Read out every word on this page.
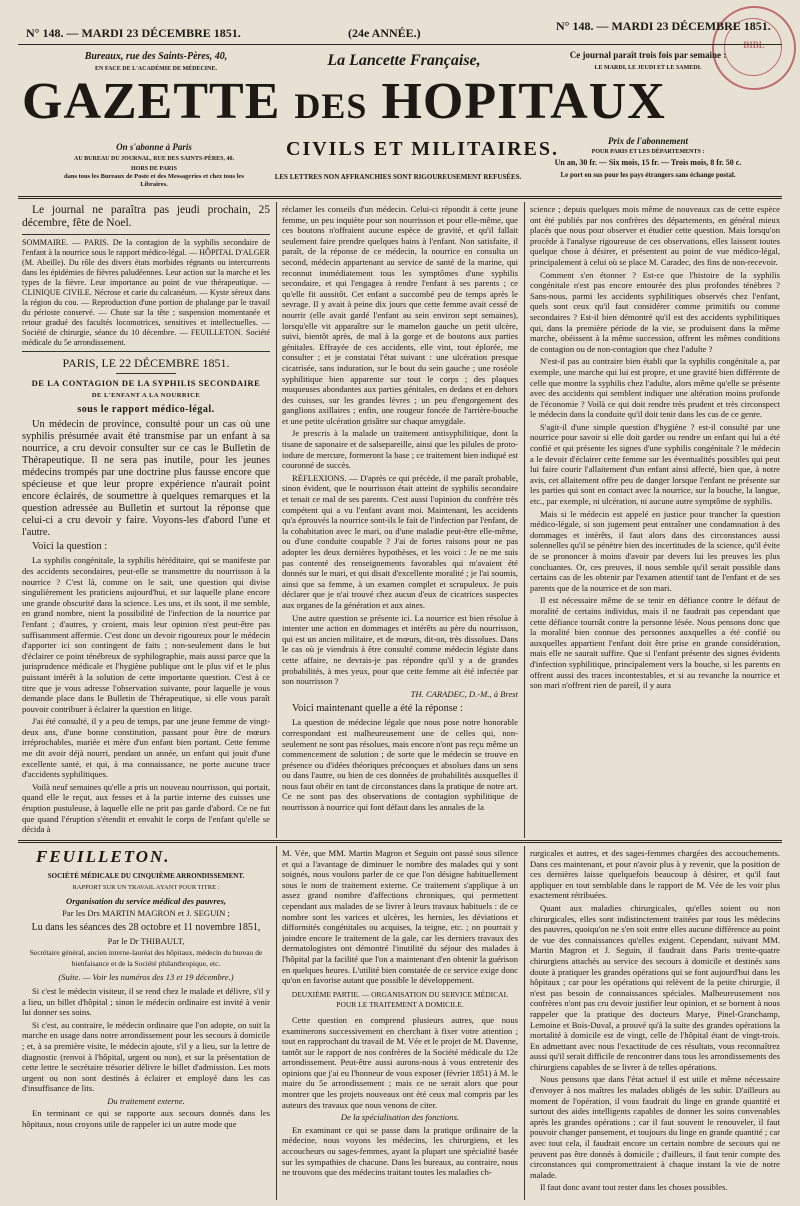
BIBL
N° 148. — MARDI 23 DÉCEMBRE 1851.	(24e ANNÉE.)	N° 148. — MARDI 23 DÉCEMBRE 1851.
Bureaux, rue des Saints-Pères, 40,
EN FACE DE L'ACADÉMIE DE MÉDECINE.	La Lancette Française,	Ce journal paraît trois fois par semaine :
LE MARDI, LE JEUDI ET LE SAMEDI.
GAZETTE DES HOPITAUX
CIVILS ET MILITAIRES.
On s'abonne à Paris
AU BUREAU DU JOURNAL, RUE DES SAINTS-PÈRES, 40.
HORS DE PARIS
dans tous les Bureaux de Poste et des Messageries et chez tous les Libraires.
LES LETTRES NON AFFRANCHIES SONT RIGOUREUSEMENT REFUSÉES.
Prix de l'abonnement
POUR PARIS ET LES DÉPARTEMENTS :
Un an, 30 fr. — Six mois, 15 fr. — Trois mois, 8 fr. 50 c.
Le port en sus pour les pays étrangers sans échange postal.
Le journal ne paraîtra pas jeudi prochain, 25 décembre, fête de Noel.
SOMMAIRE. — PARIS. De la contagion de la syphilis secondaire de l'enfant à la nourrice sous le rapport médico-légal. — HÔPITAL D'ALGER (M. Abeille). Du rôle des divers états morbides régnants ou intercurrents dans les épidémies de fièvres paludéennes. Leur action sur la marche et les types de la fièvre. Leur importance au point de vue thérapeutique. — CLINIQUE CIVILE. Nécrose et carie du calcanéum. — Kyste séreux dans la région du cou. — Reproduction d'une portion de phalange par le travail du périoste conservé. — Chute sur la tête ; suspension momentanée et retour gradué des facultés locomotrices, sensitives et intellectuelles. — Société de chirurgie, séance du 10 décembre. — FEUILLETON. Société médicale du 5e arrondissement.
PARIS, LE 22 DÉCEMBRE 1851.
DE LA CONTAGION DE LA SYPHILIS SECONDAIRE
DE L'ENFANT A LA NOURRICE
sous le rapport médico-légal.

Un médecin de province, consulté pour un cas où une syphilis présumée avait été transmise par un enfant à sa nourrice, a cru devoir consulter sur ce cas le Bulletin de Thérapeutique. Il ne sera pas inutile, pour les jeunes médecins trompés par une doctrine plus fausse encore que spécieuse et que leur propre expérience n'aurait point encore éclairés, de soumettre à quelques remarques et la question adressée au Bulletin et surtout la réponse que celui-ci a cru devoir y faire. Voyons-les d'abord l'une et l'autre.

Voici la question :

La syphilis congénitale, la syphilis héréditaire, qui se manifeste par des accidents secondaires, peut-elle se transmettre du nourrisson à la nourrice ? C'est là, comme on le sait, une question qui divise singulièrement les praticiens aujourd'hui, et sur laquelle plane encore une grande obscurité dans la science. Les uns, et ils sont, il me semble, en grand nombre, nient la possibilité de l'infection de la nourrice par l'enfant ; d'autres, y croient, mais leur opinion n'est peut-être pas suffisamment affermie. C'est donc un devoir rigoureux pour le médecin d'apporter ici son contingent de faits ; non-seulement dans le but d'éclairer ce point ténébreux de syphilographie, mais aussi parce que la jurisprudence médicale et l'hygiène publique ont le plus vif et le plus puissant intérêt à la solution de cette importante question. C'est à ce titre que je vous adresse l'observation suivante, pour laquelle je vous demande place dans le Bulletin de Thérapeutique, si elle vous paraît pouvoir contribuer à éclairer la question en litige.

J'ai été consulté, il y a peu de temps, par une jeune femme de vingt-deux ans, d'une bonne constitution, passant pour être de mœurs irréprochables, mariée et mère d'un enfant bien portant. Cette femme me dit avoir déjà nourri, pendant un année, un enfant qui jouit d'une excellente santé, et qui, à ma connaissance, ne porte aucune trace d'accidents syphilitiques.

Voilà neuf semaines qu'elle a pris un nouveau nourrisson, qui portait, quand elle le reçut, aux fesses et à la partie interne des cuisses une éruption pustuleuse, à laquelle elle ne prit pas garde d'abord. Ce ne fut que quand l'éruption s'étendit et envahit le corps de l'enfant qu'elle se décida à

réclamer les conseils d'un médecin. Celui-ci répondit à cette jeune femme, un peu inquiète pour son nourrisson et pour elle-même, que ces boutons n'offraient aucune espèce de gravité, et qu'il fallait seulement faire prendre quelques bains à l'enfant. Non satisfaite, il paraît, de la réponse de ce médecin, la nourrice en consulta un second, médecin appartenant au service de santé de la marine, qui reconnut immédiatement tous les symptômes d'une syphilis secondaire, et qui l'engagea à rendre l'enfant à ses parents ; ce qu'elle fit aussitôt. Cet enfant a succombé peu de temps après le sevrage. Il y avait à peine dix jours que cette femme avait cessé de nourrir (elle avait gardé l'enfant au sein environ sept semaines), lorsqu'elle vit apparaître sur le mamelon gauche un petit ulcère, suivi, bientôt après, de mal à la gorge et de boutons aux parties génitales. Effrayée de ces accidents, elle vint, tout éplorée, me consulter ; et je constatai l'état suivant : une ulcération presque cicatrisée, sans induration, sur le bout du sein gauche ; une roséole syphilitique bien apparente sur tout le corps ; des plaques muqueuses abondantes aux parties génitales, en dedans et en dehors des cuisses, sur les grandes lèvres ; un peu d'engorgement des ganglions axillaires ; enfin, une rougeur foncée de l'arrière-bouche et une petite ulcération grisâtre sur chaque amygdale.

Je prescris à la malade un traitement antisyphilitique, dont la tisane de saponaire et de salsepareille, ainsi que les pilules de proto-iodure de mercure, formeront la base ; ce traitement bien indiqué est couronné de succès.

RÉFLEXIONS. — D'après ce qui précède, il me paraît probable, sinon évident, que le nourrisson était atteint de syphilis secondaire et tenait ce mal de ses parents. C'est aussi l'opinion du confrère très compétent qui a vu l'enfant avant moi. Maintenant, les accidents qu'a éprouvés la nourrice sont-ils le fait de l'infection par l'enfant, de la cohabitation avec le mari, ou d'une maladie peut-être elle-même, ou d'une conduite coupable ? J'ai de fortes raisons pour ne pas adopter les deux dernières hypothèses, et les voici : Je ne me suis pas contenté des renseignements favorables qui m'avaient été donnés sur le mari, et qui disait d'excellente moralité ; je l'ai soumis, ainsi que sa femme, à un examen complet et scrupuleux. Je puis déclarer que je n'ai trouvé chez aucun d'eux de cicatrices suspectes aux organes de la génération et aux aines.

Une autre question se présente ici. La nourrice est bien résolue à intenter une action en dommages et intérêts au père du nourrisson, qui est un ancien militaire, et de mœurs, dit-on, très dissolues. Dans le cas où je viendrais à être consulté comme médecin légiste dans cette affaire, ne devrais-je pas répondre qu'il y a de grandes probabilités, à mes yeux, pour que cette femme ait été infectée par son nourrisson ?

TH. CARADEC, D.-M., à Brest

Voici maintenant quelle a été la réponse :

La question de médecine légale que nous pose notre honorable correspondant est malheureusement une de celles qui, non-seulement ne sont pas résolues, mais encore n'ont pas reçu même un commencement de solution ; de sorte que le médecin se trouve en présence ou d'idées théoriques préconçues et absolues dans un sens ou dans l'autre, ou bien de ces données de probabilités auxquelles il nous faut obéir en tant de circonstances dans la pratique de notre art. Ce ne sont pas des observations de contagion syphilitique de nourrisson à nourrice qui font défaut dans les annales de la

science ; depuis quelques mois même de nouveaux cas de cette espèce ont été publiés par nos confrères des départements, en général mieux placés que nous pour observer et étudier cette question. Mais lorsqu'on procède à l'analyse rigoureuse de ces observations, elles laissent toutes quelque chose à désirer, et présentent au point de vue médico-légal, principalement à celui où se place M. Caradec, des fins de non-recevoir.

Comment s'en étonner ? Est-ce que l'histoire de la syphilis congénitale n'est pas encore entourée des plus profondes ténèbres ? Sans-nous, parmi les accidents syphilitiques observés chez l'enfant, quels sont ceux qu'il faut considérer comme primitifs ou comme secondaires ? Est-il bien démontré qu'il est des accidents syphilitiques qui, dans la première période de la vie, se produisent dans la même marche, obéissent à la même succession, offrent les mêmes conditions de contagion ou de non-contagion que chez l'adulte ?

N'est-il pas au contraire bien établi que la syphilis congénitale a, par exemple, une marche qui lui est propre, et une gravité bien différente de celle que montre la syphilis chez l'adulte, alors même qu'elle se présente avec des accidents qui semblent indiquer une altération moins profonde de l'économie ? Voilà ce qui doit rendre très prudent et très circonspect le médecin dans la conduite qu'il doit tenir dans les cas de ce genre.

S'agit-il d'une simple question d'hygiène ? est-il consulté par une nourrice pour savoir si elle doit garder ou rendre un enfant qui lui a été confié et qui présente les signes d'une syphilis congénitale ? le médecin a le devoir d'éclairer cette femme sur les éventualités possibles qui peut lui faire courir l'allaitement d'un enfant ainsi affecté, bien que, à notre avis, cet allaitement offre peu de danger lorsque l'enfant ne présente sur les parties qui sont en contact avec la nourrice, sur la bouche, la langue, etc., par exemple, ni ulcération, ni aucune autre symptôme de syphilis.

Mais si le médecin est appelé en justice pour trancher la question médico-légale, si son jugement peut entraîner une condamnation à des dommages et intérêts, il faut alors dans des circonstances aussi solennelles qu'il se pénètre bien des incertitudes de la science, qu'il évite de se prononcer à moins d'avoir par devers lui les preuves les plus concluantes. Or, ces preuves, il nous semble qu'il serait possible dans certains cas de les obtenir par l'examen attentif tant de l'enfant et de ses parents que de la nourrice et de son mari.

Il est nécessaire même de se tenir en défiance contre le défaut de moralité de certains individus, mais il ne faudrait pas cependant que cette défiance tournât contre la personne lésée. Nous pensons donc que la moralité bien connue des personnes auxquelles a été confié ou auxquelles appartient l'enfant doit être prise en grande considération, mais elle ne saurait suffire. Que si l'enfant présente des signes évidents d'infection syphilitique, principalement vers la bouche, si les parents en offrent aussi des traces incontestables, et si au revanche la nourrice et son mari n'offrent rien de pareil, il y aura

FEUILLETON.

SOCIÉTÉ MÉDICALE DU CINQUIÈME ARRONDISSEMENT.

RAPPORT SUR UN TRAVAIL AYANT POUR TITRE :

Organisation du service médical des pauvres,

Par les Drs MARTIN MAGRON et J. SEGUIN ;

Lu dans les séances des 28 octobre et 11 novembre 1851,

Par le Dr THIBAULT,

Secrétaire général, ancien interne-lauréat des hôpitaux, médecin du bureau de bienfaisance et de la Société philanthropique, etc.

(Suite. — Voir les numéros des 13 et 19 décembre.)

Si c'est le médecin visiteur, il se rend chez le malade et délivre, s'il y a lieu, un billet d'hôpital ; sinon le médecin ordinaire est invité à venir lui donner ses soins.

Si c'est, au contraire, le médecin ordinaire que l'on adopte, on suit la marche en usage dans notre arrondissement pour les secours à domicile ; et, à sa première visite, le médecin ajoute, s'il y a lieu, sur la lettre de diagnostic (renvoi à l'hôpital, urgent ou non), et sur la présentation de cette lettre le secrétaire trésorier délivre le billet d'admission. Les mots urgent ou non sont destinés à éclairer et employé dans les cas d'insuffisance de lits.

Du traitement externe.

En terminant ce qui se rapporte aux secours donnés dans les hôpitaux, nous croyons utile de rappeler ici un autre mode que

M. Vée, que MM. Martin Magron et Seguin ont passé sous silence et qui a l'avantage de diminuer le nombre des malades qui y sont soignés, nous voulons parler de ce que l'on désigne habituellement sous le nom de traitement externe. Ce traitement s'applique à un assez grand nombre d'affections chroniques, qui permettent cependant aux malades de se livrer à leurs travaux habituels : de ce nombre sont les varices et ulcères, les hernies, les déviations et difformités congénitales ou acquises, la teigne, etc. ; on pourrait y joindre encore le traitement de la gale, car les derniers travaux des dermatologistes ont démontré l'inutilité du séjour des malades à l'hôpital par la facilité que l'on a maintenant d'en obtenir la guérison en quelques heures. L'utilité bien constatée de ce service exige donc qu'on en favorise autant que possible le développement.

DEUXIÈME PARTIE. — ORGANISATION DU SERVICE MÉDICAL POUR LE TRAITEMENT A DOMICILE.

Cette question en comprend plusieurs autres, que nous examinerons successivement en cherchant à fixer votre attention ; tout en rapprochant du travail de M. Vée et le projet de M. Davenne, tantôt sur le rapport de nos confrères de la Société médicale du 12e arrondissement. Peut-être aussi aurons-nous à vous entretenir des opinions que j'ai eu l'honneur de vous exposer (février 1851) à M. le maire du 5e arrondissement ; mais ce ne serait alors que pour montrer que les projets nouveaux ont été ceux mal compris par les auteurs des travaux que nous venons de citer.

De la spécialisation des fonctions.

En examinant ce qui se passe dans la pratique ordinaire de la médecine, nous voyons les médecins, les chirurgiens, et les accoucheurs ou sages-femmes, ayant la plupart une spécialité basée sur les sympathies de chacune. Dans les bureaux, au contraire, nous ne trouvons que des médecins traitant toutes les maladies ch-

rurgicales et autres, et des sages-femmes chargées des accouchements. Dans ces maintenant, et pour n'avoir plus à y revenir, que la position de ces dernières laisse quelquefois beaucoup à désirer, et qu'il faut appliquer en tout semblable dans le rapport de M. Vée de les voir plus exactement rétribuées.

Quant aux maladies chirurgicales, qu'elles soient ou non chirurgicales, elles sont indistinctement traitées par tous les médecins des pauvres, quoiqu'on ne s'en soit entre elles aucune différence au point de vue des connaissances qu'elles exigent. Cependant, suivant MM. Martin Magron et J. Seguin, il faudrait dans Paris trente-quatre chirurgiens attachés au service des secours à domicile et destinés sans doute à pratiquer les grandes opérations qui se font aujourd'hui dans les hôpitaux ; car pour les opérations qui relèvent de la petite chirurgie, il n'est pas besoin de connaissances spéciales. Malheureusement nos confrères n'ont pas cru devoir justifier leur opinion, et se bornent à nous rappeler que la pratique des docteurs Marye, Pinel-Granchamp, Lemoine et Bois-Duval, a prouvé qu'à la suite des grandes opérations la mortalité à domicile est de vingt, celle de l'hôpital étant de vingt-trois. En admettant avec nous l'exactitude de ces résultats, vous reconnaîtrez aussi qu'il serait difficile de rencontrer dans tous les arrondissements des chirurgiens capables de se livrer à de telles opérations.

Nous pensons que dans l'état actuel il est utile et même nécessaire d'envoyer à nos maîtres les malades obligés de les subir. D'ailleurs au moment de l'opération, il vous faudrait du linge en grande quantité et surtout des aides intelligents capables de donner les soins convenables après les grandes opérations ; car il faut souvent le renouveler, il faut pouvoir changer pansement, et toujours du linge en grande quantité ; car avec tout cela, il faudrait encore un certain nombre de secours qui ne peuvent pas être donnés à domicile ; d'ailleurs, il faut tenir compte des circonstances qui compromettraient à chaque instant la vie de notre malade.

Il faut donc avant tout rester dans les choses possibles.
